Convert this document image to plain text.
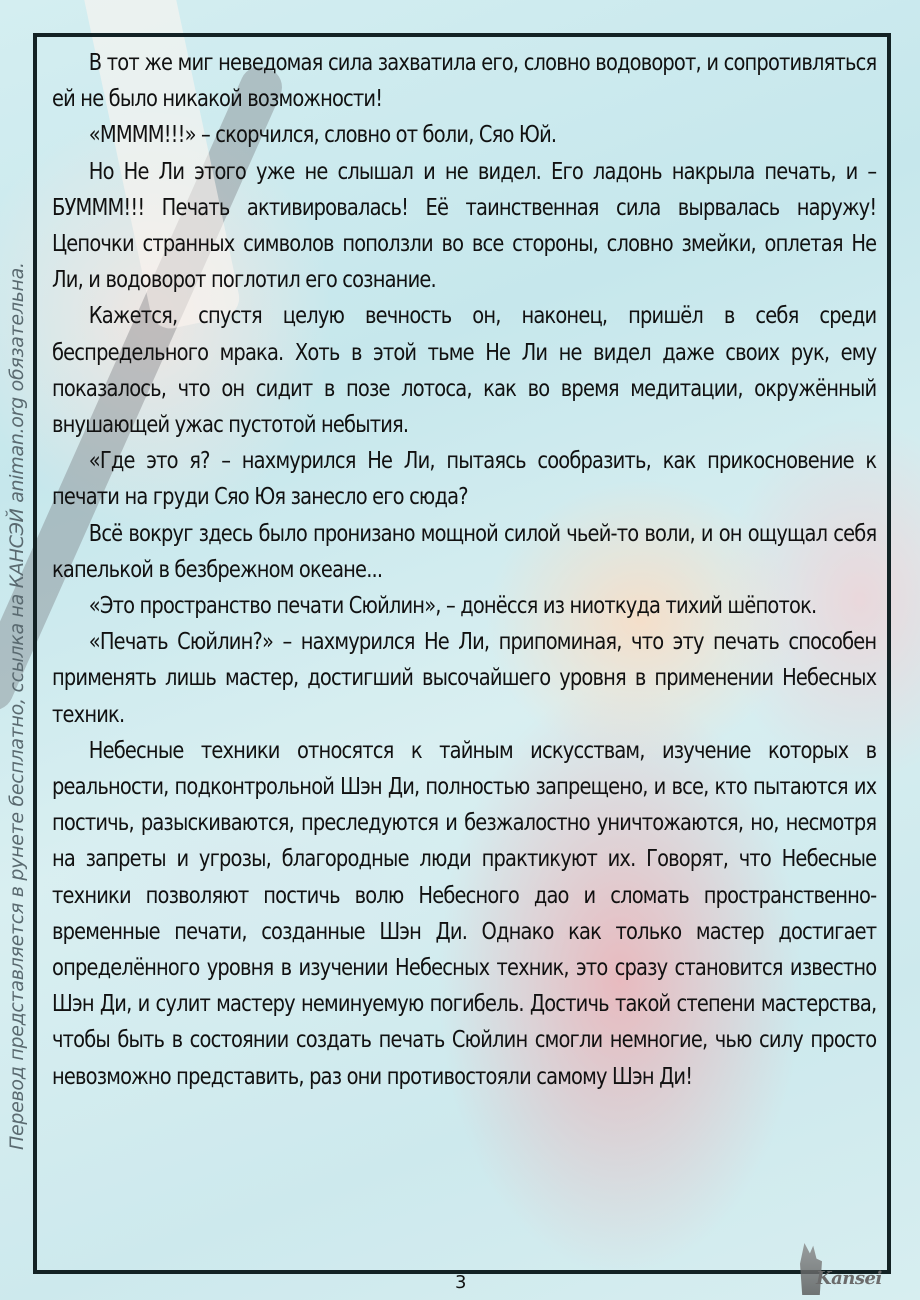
Перевод представляется в рунете бесплатно, ссылка на КАНСЭЙ animan.org обязательна.

В тот же миг неведомая сила захватила его, словно водоворот, и сопротивляться ей не было никакой возможности!

«ММММ!!!» – скорчился, словно от боли, Сяо Юй.

Но Не Ли этого уже не слышал и не видел. Его ладонь накрыла печать, и – БУМММ!!! Печать активировалась! Её таинственная сила вырвалась наружу! Цепочки странных символов поползли во все стороны, словно змейки, оплетая Не Ли, и водоворот поглотил его сознание.

Кажется, спустя целую вечность он, наконец, пришёл в себя среди беспредельного мрака. Хоть в этой тьме Не Ли не видел даже своих рук, ему показалось, что он сидит в позе лотоса, как во время медитации, окружённый внушающей ужас пустотой небытия.

«Где это я? – нахмурился Не Ли, пытаясь сообразить, как прикосновение к печати на груди Сяо Юя занесло его сюда?

Всё вокруг здесь было пронизано мощной силой чьей-то воли, и он ощущал себя капелькой в безбрежном океане...

«Это пространство печати Сюйлин», – донёсся из ниоткуда тихий шёпоток.

«Печать Сюйлин?» – нахмурился Не Ли, припоминая, что эту печать способен применять лишь мастер, достигший высочайшего уровня в применении Небесных техник.

Небесные техники относятся к тайным искусствам, изучение которых в реальности, подконтрольной Шэн Ди, полностью запрещено, и все, кто пытаются их постичь, разыскиваются, преследуются и безжалостно уничтожаются, но, несмотря на запреты и угрозы, благородные люди практикуют их. Говорят, что Небесные техники позволяют постичь волю Небесного дао и сломать пространственно-временные печати, созданные Шэн Ди. Однако как только мастер достигает определённого уровня в изучении Небесных техник, это сразу становится известно Шэн Ди, и сулит мастеру неминуемую погибель. Достичь такой степени мастерства, чтобы быть в состоянии создать печать Сюйлин смогли немногие, чью силу просто невозможно представить, раз они противостояли самому Шэн Ди!

3	Kansei
